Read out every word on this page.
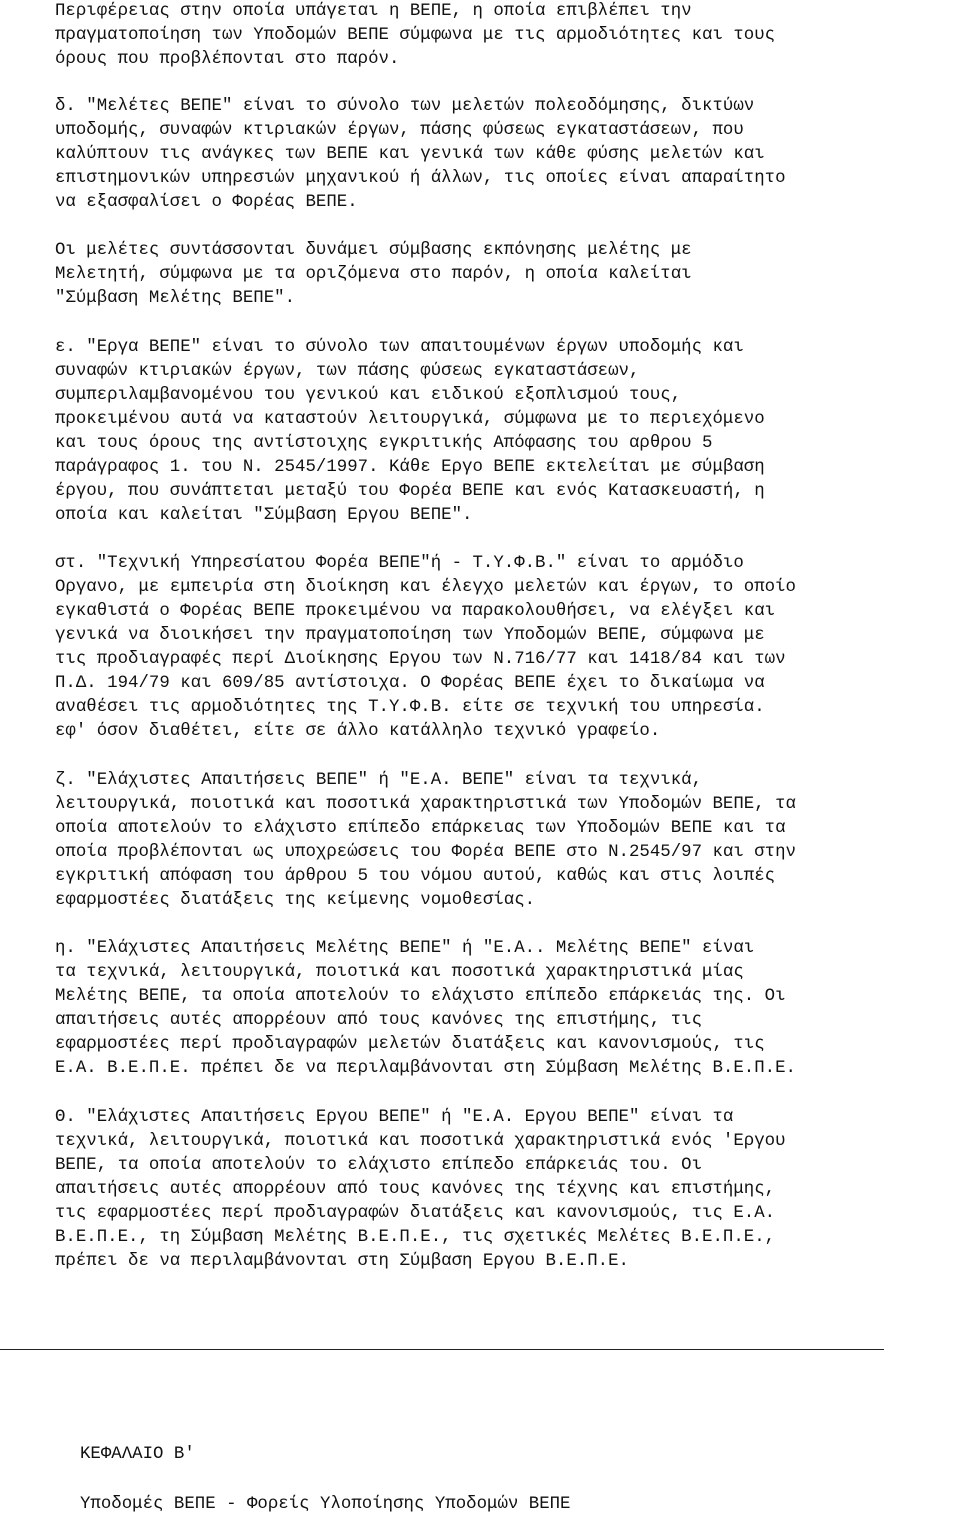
Περιφέρειας στην οποία υπάγεται η ΒΕΠΕ, η οποία επιβλέπει την
πραγματοποίηση των Υποδομών ΒΕΠΕ σύμφωνα με τις αρμοδιότητες και τους
όρους που προβλέπονται στο παρόν.
δ. "Μελέτες ΒΕΠΕ" είναι το σύνολο των μελετών πολεοδόμησης, δικτύων
υποδομής, συναφών κτιριακών έργων, πάσης φύσεως εγκαταστάσεων, που
καλύπτουν τις ανάγκες των ΒΕΠΕ και γενικά των κάθε φύσης μελετών και
επιστημονικών υπηρεσιών μηχανικού ή άλλων, τις οποίες είναι απαραίτητο
να εξασφαλίσει ο Φορέας ΒΕΠΕ.
Οι μελέτες συντάσσονται δυνάμει σύμβασης εκπόνησης μελέτης με
Μελετητή, σύμφωνα με τα οριζόμενα στο παρόν, η οποία καλείται
"Σύμβαση Μελέτης ΒΕΠΕ".
ε. "Εργα ΒΕΠΕ" είναι το σύνολο των απαιτουμένων έργων υποδομής και
συναφών κτιριακών έργων, των πάσης φύσεως εγκαταστάσεων,
συμπεριλαμβανομένου του γενικού και ειδικού εξοπλισμού τους,
προκειμένου αυτά να καταστούν λειτουργικά, σύμφωνα με το περιεχόμενο
και τους όρους της αντίστοιχης εγκριτικής Απόφασης του αρθρου 5
παράγραφος 1. του Ν. 2545/1997. Κάθε Εργο ΒΕΠΕ εκτελείται με σύμβαση
έργου, που συνάπτεται μεταξύ του Φορέα ΒΕΠΕ και ενός Κατασκευαστή, η
οποία και καλείται "Σύμβαση Εργου ΒΕΠΕ".
στ. "Τεχνική Υπηρεσίατου Φορέα ΒΕΠΕ"ή - Τ.Υ.Φ.Β." είναι το αρμόδιο
Οργανο, με εμπειρία στη διοίκηση και έλεγχο μελετών και έργων, το οποίο
εγκαθιστά ο Φορέας ΒΕΠΕ προκειμένου να παρακολουθήσει, να ελέγξει και
γενικά να διοικήσει την πραγματοποίηση των Υποδομών ΒΕΠΕ, σύμφωνα με
τις προδιαγραφές περί Διοίκησης Εργου των Ν.716/77 και 1418/84 και των
Π.Δ. 194/79 και 609/85 αντίστοιχα. Ο Φορέας ΒΕΠΕ έχει το δικαίωμα να
αναθέσει τις αρμοδιότητες της Τ.Υ.Φ.Β. είτε σε τεχνική του υπηρεσία.
εφ' όσον διαθέτει, είτε σε άλλο κατάλληλο τεχνικό γραφείο.
ζ. "Ελάχιστες Απαιτήσεις ΒΕΠΕ" ή "Ε.Α. ΒΕΠΕ" είναι τα τεχνικά,
λειτουργικά, ποιοτικά και ποσοτικά χαρακτηριστικά των Υποδομών ΒΕΠΕ, τα
οποία αποτελούν το ελάχιστο επίπεδο επάρκειας των Υποδομών ΒΕΠΕ και τα
οποία προβλέπονται ως υποχρεώσεις του Φορέα ΒΕΠΕ στο Ν.2545/97 και στην
εγκριτική απόφαση του άρθρου 5 του νόμου αυτού, καθώς και στις λοιπές
εφαρμοστέες διατάξεις της κείμενης νομοθεσίας.
η. "Ελάχιστες Απαιτήσεις Μελέτης ΒΕΠΕ" ή "Ε.Α.. Μελέτης ΒΕΠΕ" είναι
τα τεχνικά, λειτουργικά, ποιοτικά και ποσοτικά χαρακτηριστικά μίας
Μελέτης ΒΕΠΕ, τα οποία αποτελούν το ελάχιστο επίπεδο επάρκειάς της. Οι
απαιτήσεις αυτές απορρέουν από τους κανόνες της επιστήμης, τις
εφαρμοστέες περί προδιαγραφών μελετών διατάξεις και κανονισμούς, τις
Ε.Α. Β.Ε.Π.Ε. πρέπει δε να περιλαμβάνονται στη Σύμβαση Μελέτης Β.Ε.Π.Ε.
Θ. "Ελάχιστες Απαιτήσεις Εργου ΒΕΠΕ" ή "Ε.Α. Εργου ΒΕΠΕ" είναι τα
τεχνικά, λειτουργικά, ποιοτικά και ποσοτικά χαρακτηριστικά ενός 'Εργου
ΒΕΠΕ, τα οποία αποτελούν το ελάχιστο επίπεδο επάρκειάς του. Οι
απαιτήσεις αυτές απορρέουν από τους κανόνες της τέχνης και επιστήμης,
τις εφαρμοστέες περί προδιαγραφών διατάξεις και κανονισμούς, τις Ε.Α.
Β.Ε.Π.Ε., τη Σύμβαση Μελέτης Β.Ε.Π.Ε., τις σχετικές Μελέτες Β.Ε.Π.Ε.,
πρέπει δε να περιλαμβάνονται στη Σύμβαση Εργου Β.Ε.Π.Ε.
ΚΕΦΑΛΑΙΟ Β'
Υποδομές ΒΕΠΕ - Φορείς Υλοποίησης Υποδομών ΒΕΠΕ
